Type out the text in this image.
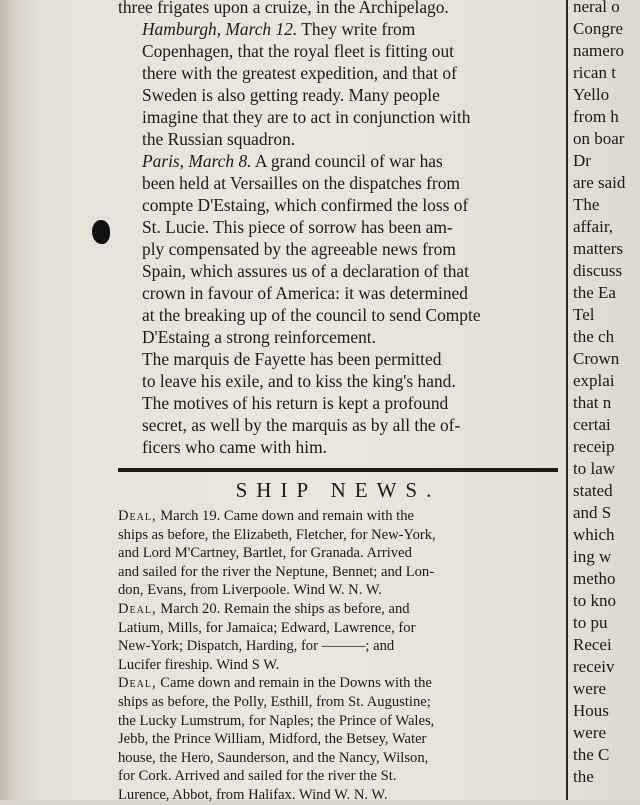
three frigates upon a cruize, in the Archipelago.

Hamburgh, March 12. They write from
Copenhagen, that the royal fleet is fitting out
there with the greatest expedition, and that of
Sweden is also getting ready. Many people
imagine that they are to act in conjunction with
the Russian squadron.

Paris, March 8. A grand council of war has
been held at Versailles on the dispatches from
compte D'Estaing, which confirmed the loss of
St. Lucie. This piece of sorrow has been am-
ply compensated by the agreeable news from
Spain, which assures us of a declaration of that
crown in favour of America: it was determined
at the breaking up of the council to send Compte
D'Estaing a strong reinforcement.

The marquis de Fayette has been permitted
to leave his exile, and to kiss the king's hand.
The motives of his return is kept a profound
secret, as well by the marquis as by all the of-
ficers who came with him.

SHIP NEWS.

Deal, March 19. Came down and remain with the
ships as before, the Elizabeth, Fletcher, for New-York,
and Lord M'Cartney, Bartlet, for Granada. Arrived
and sailed for the river the Neptune, Bennet; and Lon-
don, Evans, from Liverpoole. Wind W. N. W.

Deal, March 20. Remain the ships as before, and
Latium, Mills, for Jamaica; Edward, Lawrence, for
New-York; Dispatch, Harding, for ———; and
Lucifer fireship. Wind S W.

Deal, Came down and remain in the Downs with the
ships as before, the Polly, Esthill, from St. Augustine;
the Lucky Lumstrum, for Naples; the Prince of Wales,
Jebb, the Prince William, Midford, the Betsey, Water
house, the Hero, Saunderson, and the Nancy, Wilson,
for Cork. Arrived and sailed for the river the St.
Lurence, Abbot, from Halifax. Wind W. N. W.

neral o
Congre
namero
rican t
Yello
from h
on boar
Dr
are said
The
affair,
matters
discuss
the Ea
Tel
the ch
Crown
explai
that n
certai
receip
to law
stated
and S
which
ing w
metho
to kno
to pu
Recei
receiv
were
Hous
were
the C
the
